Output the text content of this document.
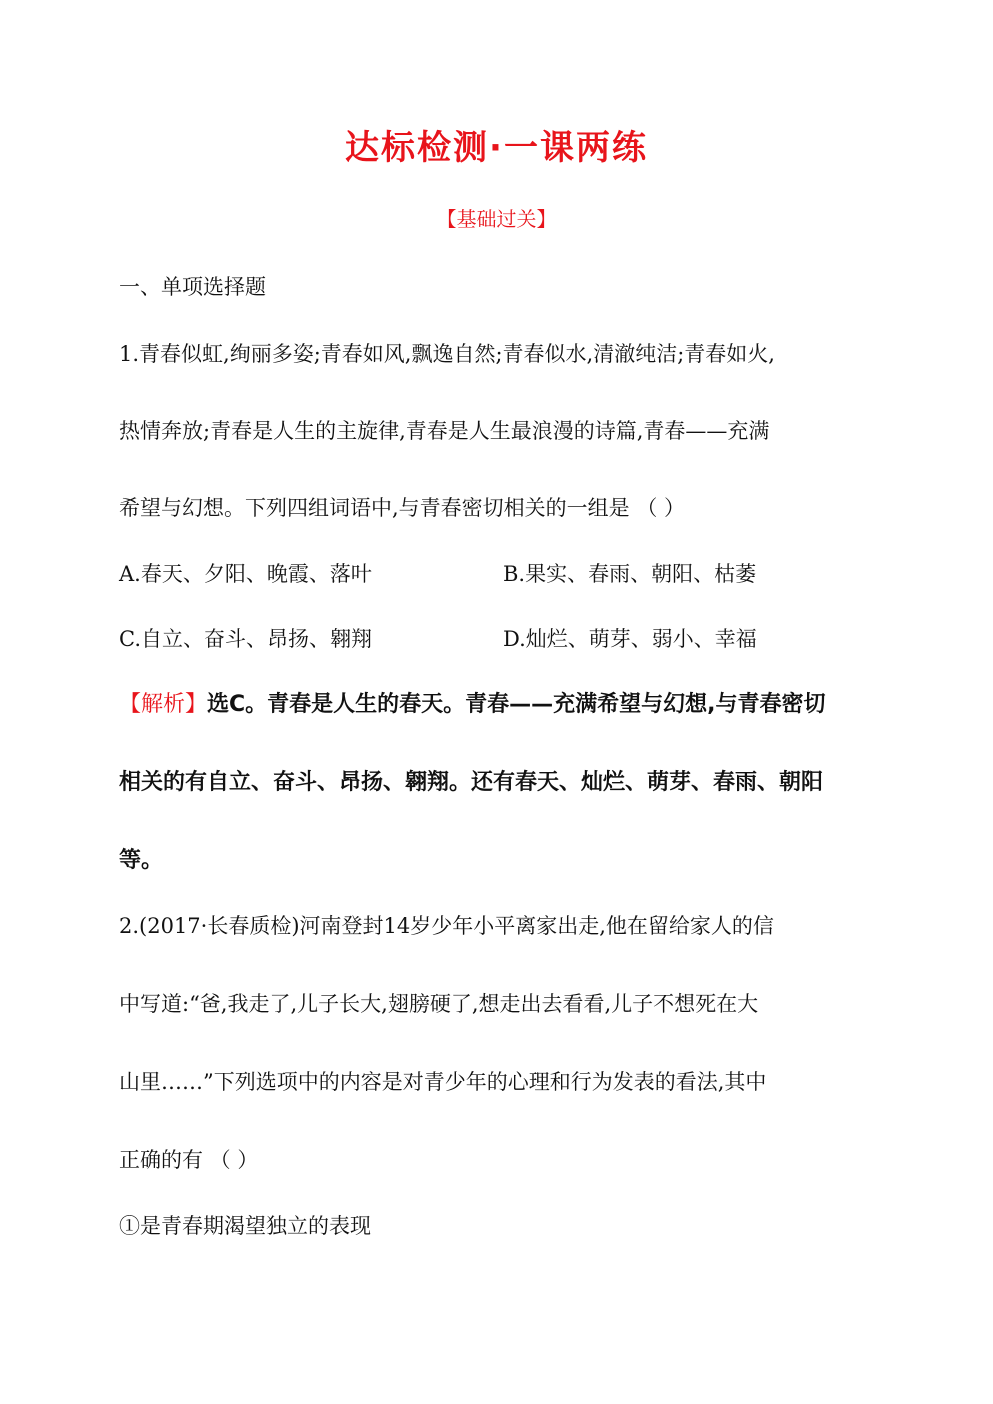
达标检测·一课两练
【基础过关】
一、单项选择题
1.青春似虹,绚丽多姿;青春如风,飘逸自然;青春似水,清澈纯洁;青春如火,
热情奔放;青春是人生的主旋律,青春是人生最浪漫的诗篇,青春——充满
希望与幻想。下列四组词语中,与青春密切相关的一组是 （ ）
A.春天、夕阳、晚霞、落叶	B.果实、春雨、朝阳、枯萎
C.自立、奋斗、昂扬、翱翔	D.灿烂、萌芽、弱小、幸福
【解析】选C。青春是人生的春天。青春——充满希望与幻想,与青春密切
相关的有自立、奋斗、昂扬、翱翔。还有春天、灿烂、萌芽、春雨、朝阳
等。
2.(2017·长春质检)河南登封14岁少年小平离家出走,他在留给家人的信
中写道:“爸,我走了,儿子长大,翅膀硬了,想走出去看看,儿子不想死在大
山里……”下列选项中的内容是对青少年的心理和行为发表的看法,其中
正确的有 （ ）
①是青春期渴望独立的表现
